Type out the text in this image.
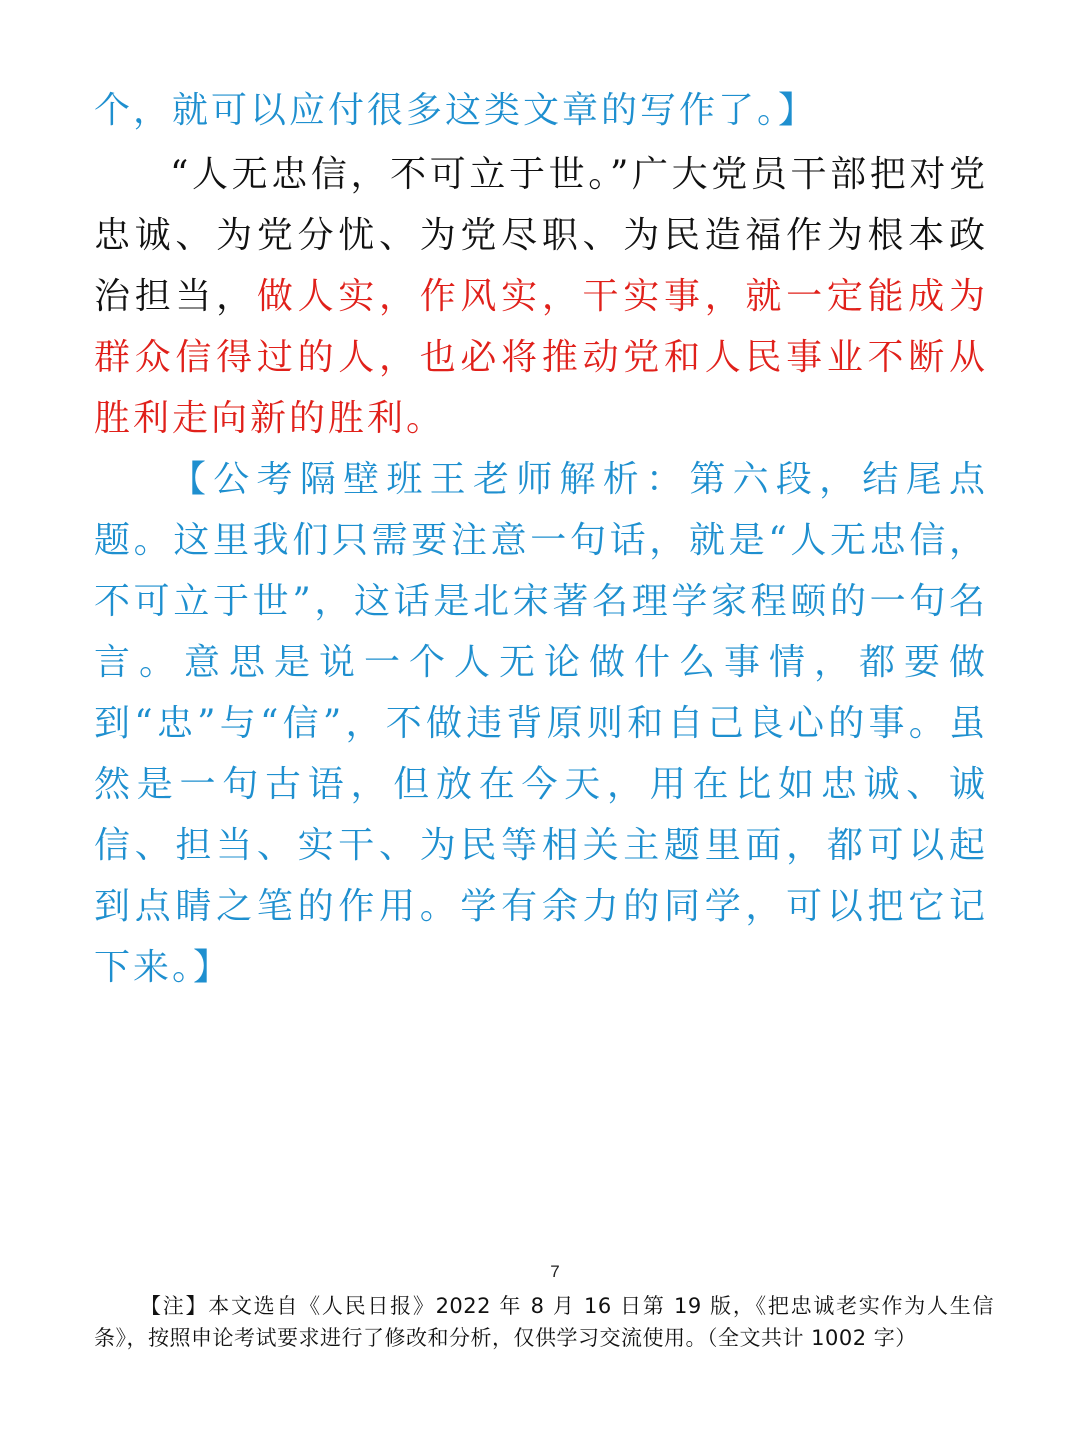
个，就可以应付很多这类文章的写作了。】

“人无忠信，不可立于世。”广大党员干部把对党忠诚、为党分忧、为党尽职、为民造福作为根本政治担当，做人实，作风实，干实事，就一定能成为群众信得过的人，也必将推动党和人民事业不断从胜利走向新的胜利。

【公考隔壁班王老师解析：第六段，结尾点题。这里我们只需要注意一句话，就是“人无忠信，不可立于世”，这话是北宋著名理学家程颐的一句名言。意思是说一个人无论做什么事情，都要做到“忠”与“信”，不做违背原则和自己良心的事。虽然是一句古语，但放在今天，用在比如忠诚、诚信、担当、实干、为民等相关主题里面，都可以起到点睛之笔的作用。学有余力的同学，可以把它记下来。】

7

【注】本文选自《人民日报》2022 年 8 月 16 日第 19 版，《把忠诚老实作为人生信条》，按照申论考试要求进行了修改和分析，仅供学习交流使用。（全文共计 1002 字）
